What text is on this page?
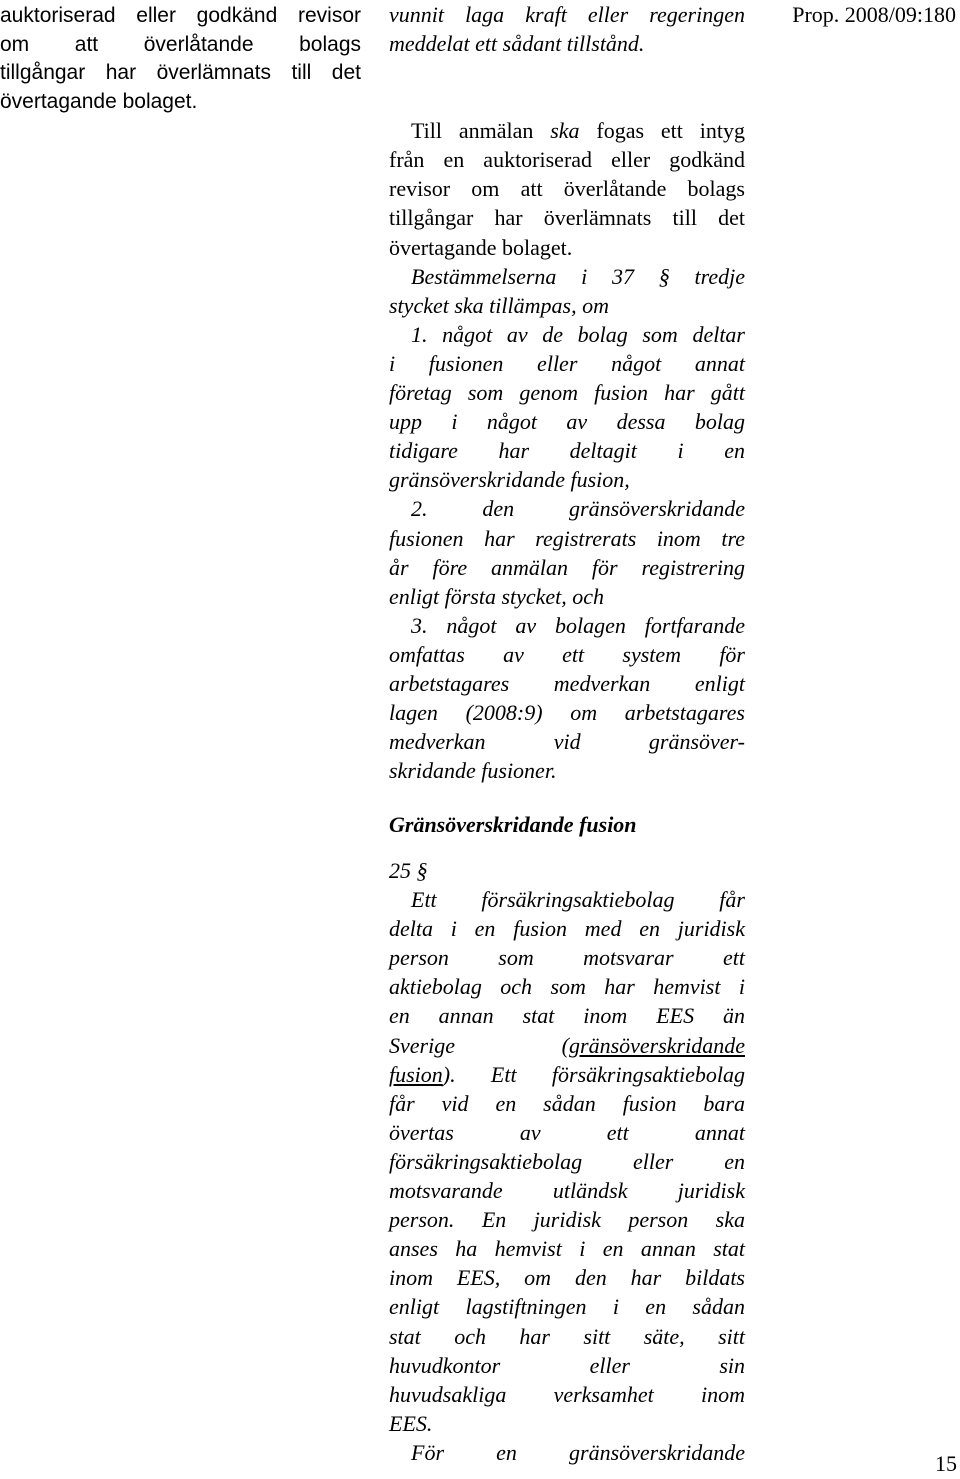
Prop. 2008/09:180
auktoriserad eller godkänd revisor
om att överlåtande bolags
tillgångar har överlämnats till det
övertagande bolaget.
vunnit laga kraft eller regeringen
meddelat ett sådant tillstånd.
Till anmälan ska fogas ett intyg
från en auktoriserad eller godkänd
revisor om att överlåtande bolags
tillgångar har överlämnats till det
övertagande bolaget.
Bestämmelserna i 37 § tredje
stycket ska tillämpas, om
1. något av de bolag som deltar
i fusionen eller något annat
företag som genom fusion har gått
upp i något av dessa bolag
tidigare har deltagit i en
gränsöverskridande fusion,
2. den gränsöverskridande
fusionen har registrerats inom tre
år före anmälan för registrering
enligt första stycket, och
3. något av bolagen fortfarande
omfattas av ett system för
arbetstagares medverkan enligt
lagen (2008:9) om arbetstagares
medverkan vid gränsöver-
skridande fusioner.
Gränsöverskridande fusion
25 §
Ett försäkringsaktiebolag får
delta i en fusion med en juridisk
person som motsvarar ett
aktiebolag och som har hemvist i
en annan stat inom EES än
Sverige (gränsöverskridande
fusion). Ett försäkringsaktiebolag
får vid en sådan fusion bara
övertas av ett annat
försäkringsaktiebolag eller en
motsvarande utländsk juridisk
person. En juridisk person ska
anses ha hemvist i en annan stat
inom EES, om den har bildats
enligt lagstiftningen i en sådan
stat och har sitt säte, sitt
huvudkontor eller sin
huvudsakliga verksamhet inom
EES.
För en gränsöverskridande	15
